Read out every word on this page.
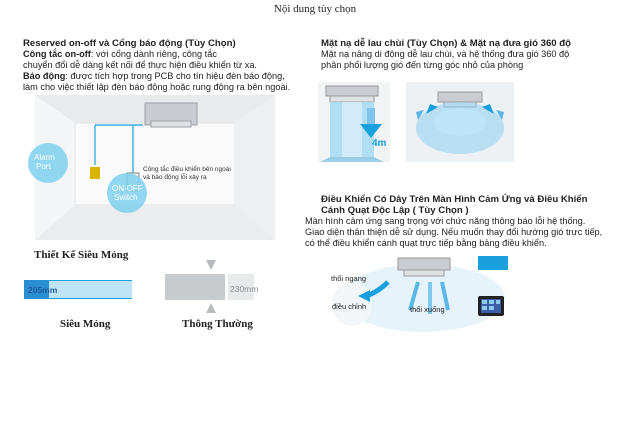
Nội dung tùy chọn
Reserved on-off và Cổng báo động (Tùy Chọn)
Công tắc on-off: với cổng dành riêng, công tắc
chuyển đổi dễ dàng kết nối để thực hiện điều khiển từ xa.
Báo động: được tích hợp trong PCB cho tín hiệu đèn báo động,
làm cho việc thiết lập đèn báo động hoặc rung động ra bên ngoài.
Alarm
Port
ON-OFF
Switch
Công tắc điều khiển bên ngoài
và báo động lỗi xảy ra
Thiết Kế Siêu Mỏng
205mm
Siêu Mỏng
230mm
Thông Thường
Mặt nạ dễ lau chùi (Tùy Chọn) & Mặt nạ đưa gió 360 độ
Mặt nạ nâng di động dễ lau chùi, và hệ thống đưa gió 360 độ
phân phối lượng gió đến từng góc nhỏ của phòng
4m
Điều Khiển Có Dây Trên Màn Hình Cảm Ứng và Điều Khiển
Cánh Quạt Độc Lập ( Tùy Chọn )
Màn hình cảm ứng sang trọng với chức năng thông báo lỗi hệ thống.
Giao diện thân thiện dễ sử dụng. Nếu muốn thay đổi hướng gió trực tiếp,
có thể điều khiển cánh quạt trực tiếp bằng bảng điều khiển.
thổi ngang
điều chỉnh	thổi xuống
